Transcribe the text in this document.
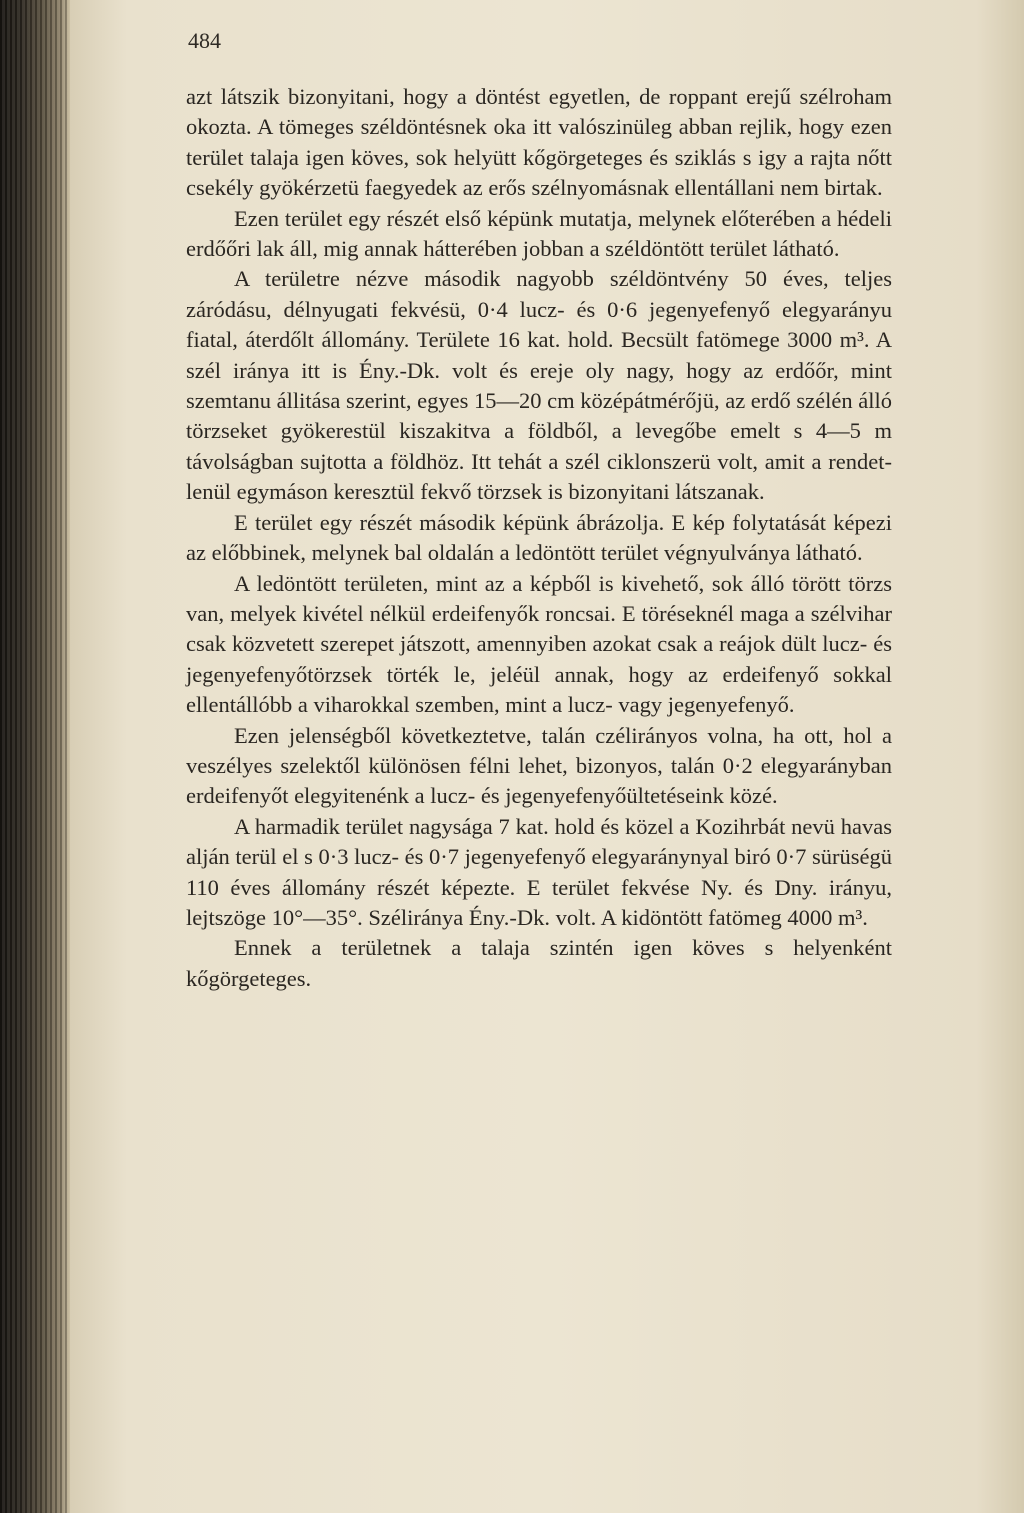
484

azt látszik bizonyitani, hogy a döntést egyetlen, de roppant erejű szélroham okozta. A tömeges széldöntésnek oka itt valószinüleg abban rejlik, hogy ezen terület talaja igen köves, sok helyütt kőgörgeteges és sziklás s igy a rajta nőtt csekély gyökérzetü faegyedek az erős szélnyomásnak ellentállani nem birtak.

Ezen terület egy részét első képünk mutatja, melynek előterében a hédeli erdőőri lak áll, mig annak hátterében jobban a széldöntött terület látható.

A területre nézve második nagyobb széldöntvény 50 éves, teljes záródásu, délnyugati fekvésü, 0·4 lucz- és 0·6 jegenyefenyő elegyarányu fiatal, áterdőlt állomány. Területe 16 kat. hold. Becsült fatömege 3000 m³. A szél iránya itt is Ény.-Dk. volt és ereje oly nagy, hogy az erdőőr, mint szemtanu állitása szerint, egyes 15—20 cm középátmérőjü, az erdő szélén álló törzseket gyökerestül kiszakitva a földből, a levegőbe emelt s 4—5 m távolságban sujtotta a földhöz. Itt tehát a szél ciklonszerü volt, amit a rendetlenül egymáson keresztül fekvő törzsek is bizonyitani látszanak.

E terület egy részét második képünk ábrázolja. E kép folytatását képezi az előbbinek, melynek bal oldalán a ledöntött terület végnyulványa látható.

A ledöntött területen, mint az a képből is kivehető, sok álló törött törzs van, melyek kivétel nélkül erdeifenyők roncsai. E töréseknél maga a szélvihar csak közvetett szerepet játszott, amennyiben azokat csak a reájok dült lucz- és jegenyefenyőtörzsek törték le, jeléül annak, hogy az erdeifenyő sokkal ellentállóbb a viharokkal szemben, mint a lucz- vagy jegenyefenyő.

Ezen jelenségből következtetve, talán czélirányos volna, ha ott, hol a veszélyes szelektől különösen félni lehet, bizonyos, talán 0·2 elegyarányban erdeifenyőt elegyitenénk a lucz- és jegenyefenyőültetéseink közé.

A harmadik terület nagysága 7 kat. hold és közel a Kozihrbát nevü havas alján terül el s 0·3 lucz- és 0·7 jegenyefenyő elegyaránynyal biró 0·7 sürüségü 110 éves állomány részét képezte. E terület fekvése Ny. és Dny. irányu, lejtszöge 10°—35°. Széliránya Ény.-Dk. volt. A kidöntött fatömeg 4000 m³.

Ennek a területnek a talaja szintén igen köves s helyenként kőgörgeteges.
